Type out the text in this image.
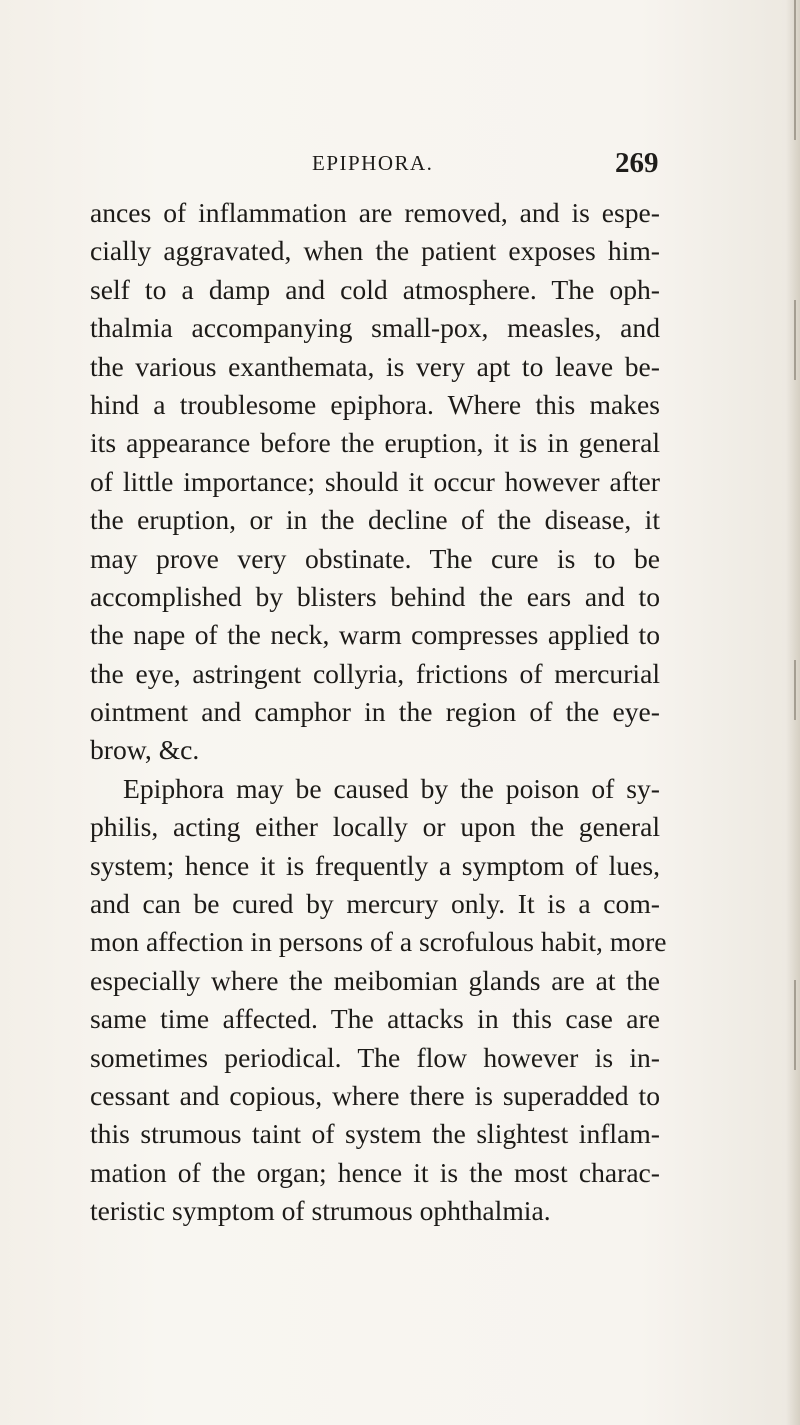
EPIPHORA.	269
ances of inflammation are removed, and is espe-
cially aggravated, when the patient exposes him-
self to a damp and cold atmosphere. The oph-
thalmia accompanying small-pox, measles, and
the various exanthemata, is very apt to leave be-
hind a troublesome epiphora. Where this makes
its appearance before the eruption, it is in general
of little importance; should it occur however after
the eruption, or in the decline of the disease, it
may prove very obstinate. The cure is to be
accomplished by blisters behind the ears and to
the nape of the neck, warm compresses applied to
the eye, astringent collyria, frictions of mercurial
ointment and camphor in the region of the eye-
brow, &c.
Epiphora may be caused by the poison of sy-
philis, acting either locally or upon the general
system; hence it is frequently a symptom of lues,
and can be cured by mercury only. It is a com-
mon affection in persons of a scrofulous habit, more
especially where the meibomian glands are at the
same time affected. The attacks in this case are
sometimes periodical. The flow however is in-
cessant and copious, where there is superadded to
this strumous taint of system the slightest inflam-
mation of the organ; hence it is the most charac-
teristic symptom of strumous ophthalmia.
